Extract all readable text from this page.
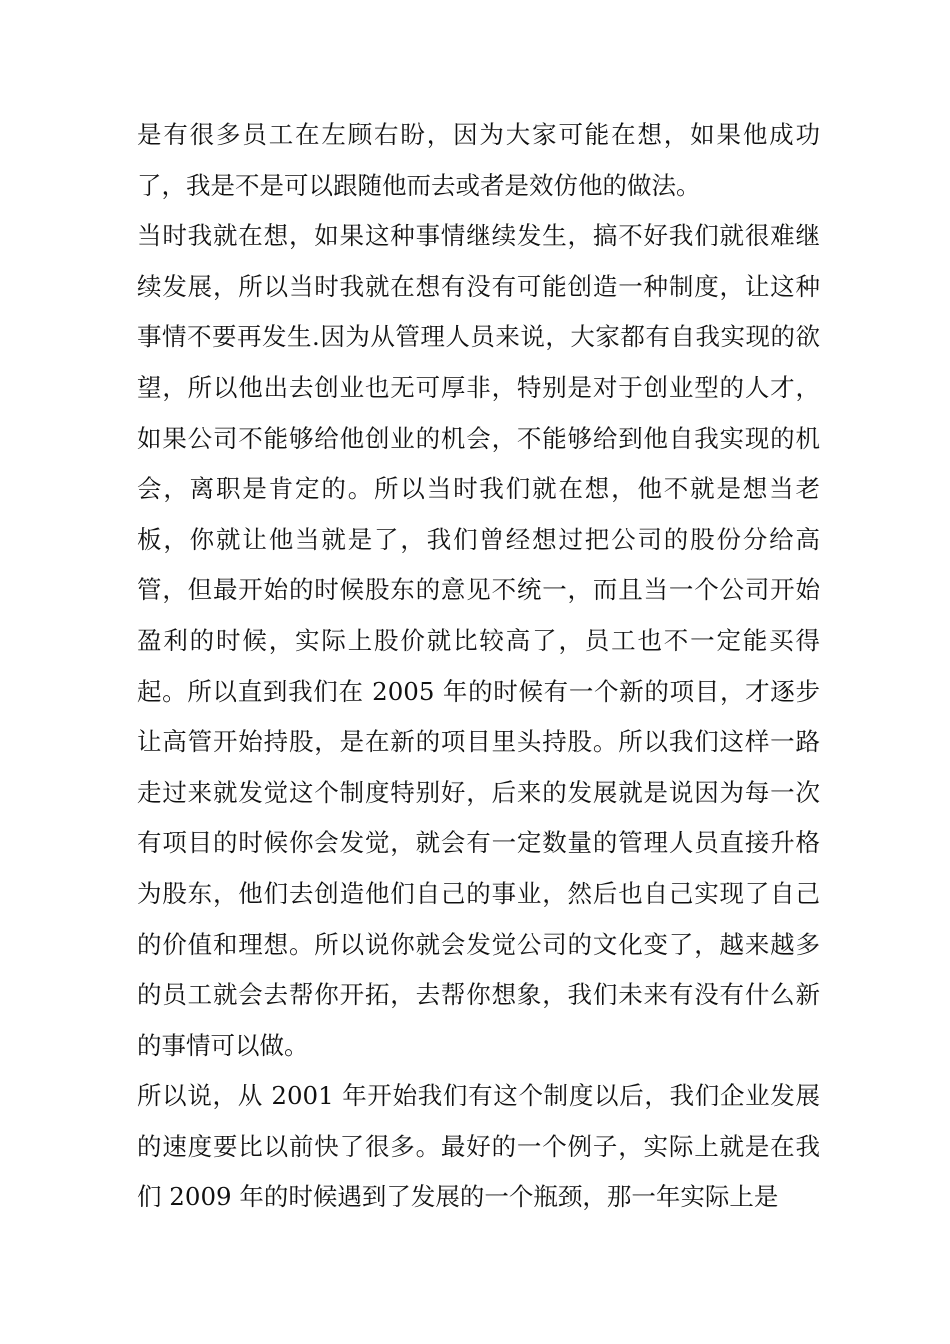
是有很多员工在左顾右盼，因为大家可能在想，如果他成功了，我是不是可以跟随他而去或者是效仿他的做法。

当时我就在想，如果这种事情继续发生，搞不好我们就很难继续发展，所以当时我就在想有没有可能创造一种制度，让这种事情不要再发生.因为从管理人员来说，大家都有自我实现的欲望，所以他出去创业也无可厚非，特别是对于创业型的人才，如果公司不能够给他创业的机会，不能够给到他自我实现的机会，离职是肯定的。所以当时我们就在想，他不就是想当老板，你就让他当就是了，我们曾经想过把公司的股份分给高管，但最开始的时候股东的意见不统一，而且当一个公司开始盈利的时候，实际上股价就比较高了，员工也不一定能买得起。所以直到我们在 2005 年的时候有一个新的项目，才逐步让高管开始持股，是在新的项目里头持股。所以我们这样一路走过来就发觉这个制度特别好，后来的发展就是说因为每一次有项目的时候你会发觉，就会有一定数量的管理人员直接升格为股东，他们去创造他们自己的事业，然后也自己实现了自己的价值和理想。所以说你就会发觉公司的文化变了，越来越多的员工就会去帮你开拓，去帮你想象，我们未来有没有什么新的事情可以做。

所以说，从 2001 年开始我们有这个制度以后，我们企业发展的速度要比以前快了很多。最好的一个例子，实际上就是在我们 2009 年的时候遇到了发展的一个瓶颈，那一年实际上是
